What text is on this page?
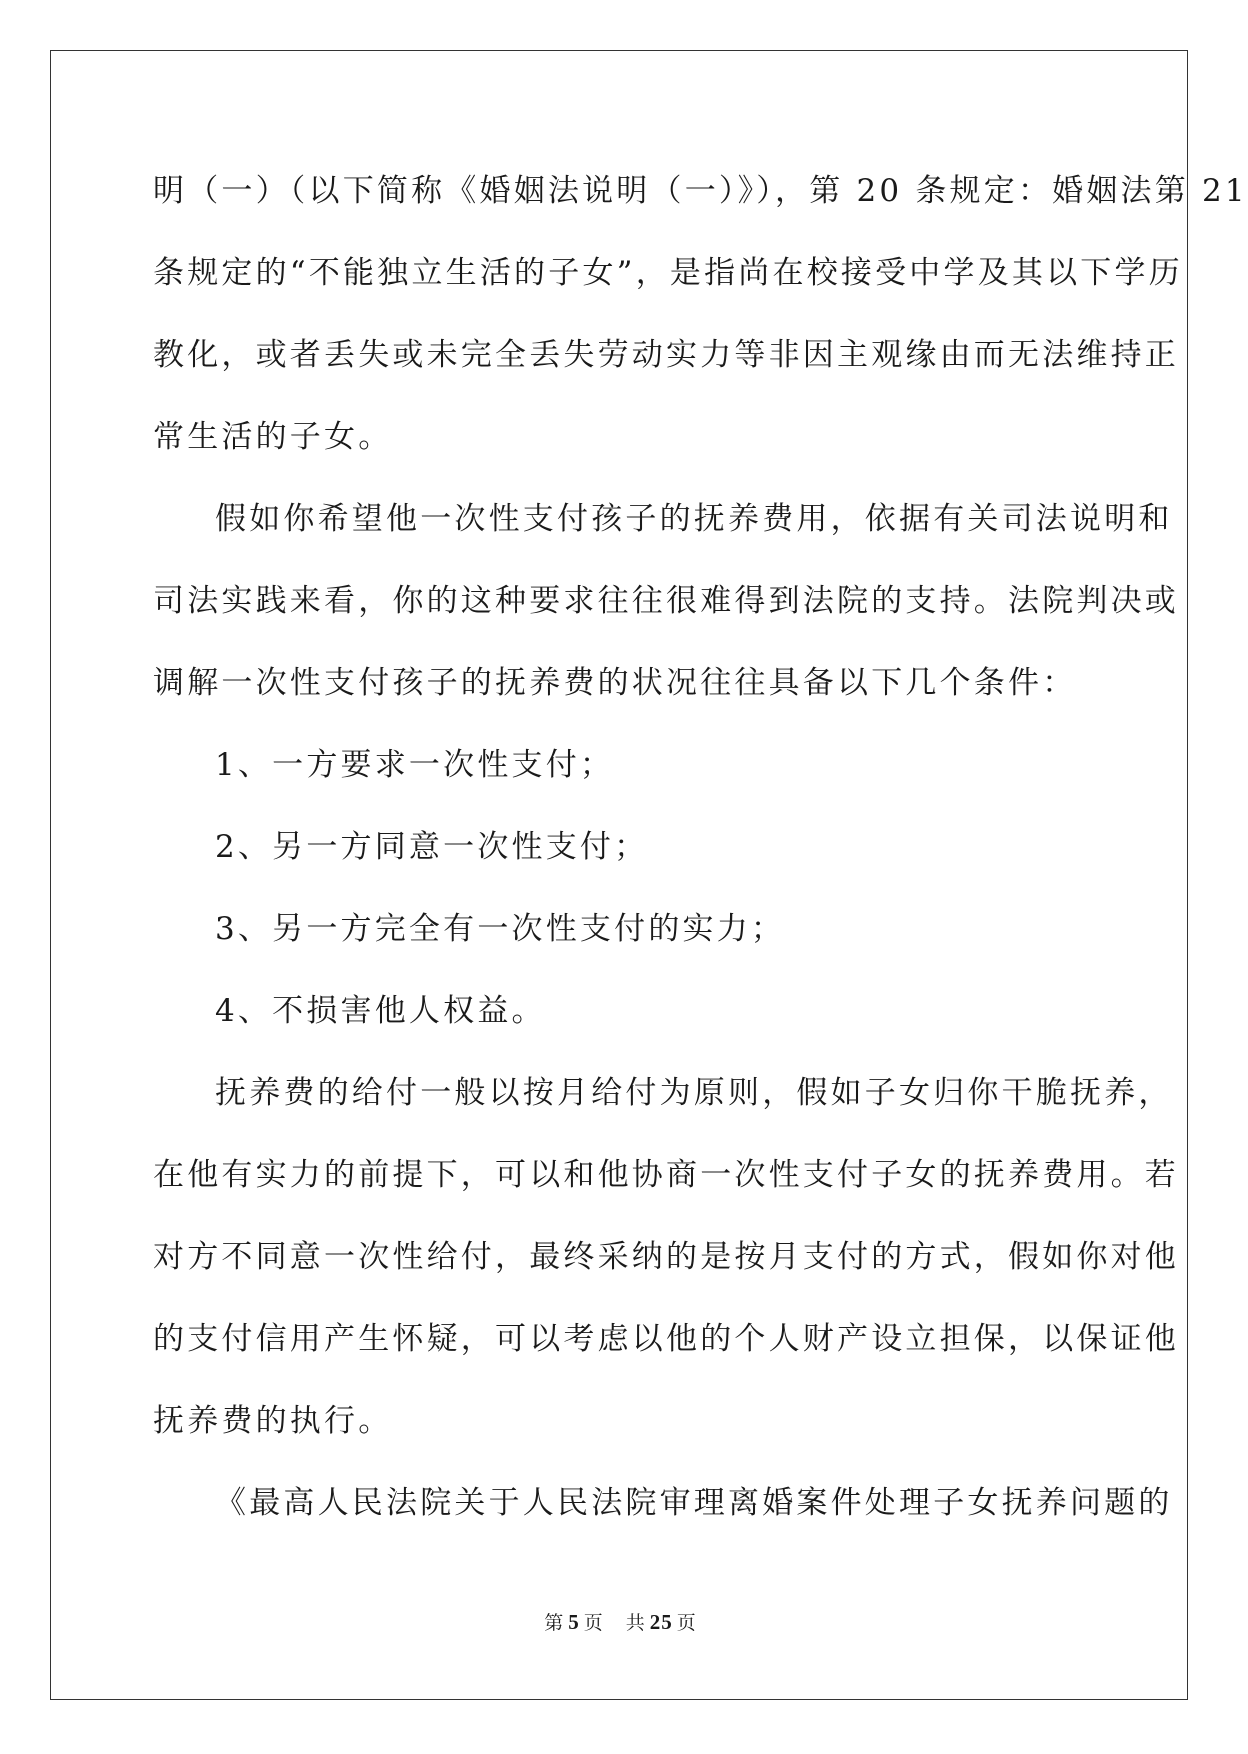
明（一）（以下简称《婚姻法说明（一）》），第 20 条规定：婚姻法第 21
条规定的“不能独立生活的子女”，是指尚在校接受中学及其以下学历
教化，或者丢失或未完全丢失劳动实力等非因主观缘由而无法维持正
常生活的子女。
假如你希望他一次性支付孩子的抚养费用，依据有关司法说明和
司法实践来看，你的这种要求往往很难得到法院的支持。法院判决或
调解一次性支付孩子的抚养费的状况往往具备以下几个条件：
1、一方要求一次性支付；
2、另一方同意一次性支付；
3、另一方完全有一次性支付的实力；
4、不损害他人权益。
抚养费的给付一般以按月给付为原则，假如子女归你干脆抚养，
在他有实力的前提下，可以和他协商一次性支付子女的抚养费用。若
对方不同意一次性给付，最终采纳的是按月支付的方式，假如你对他
的支付信用产生怀疑，可以考虑以他的个人财产设立担保，以保证他
抚养费的执行。
《最高人民法院关于人民法院审理离婚案件处理子女抚养问题的
第 5 页 共 25 页
